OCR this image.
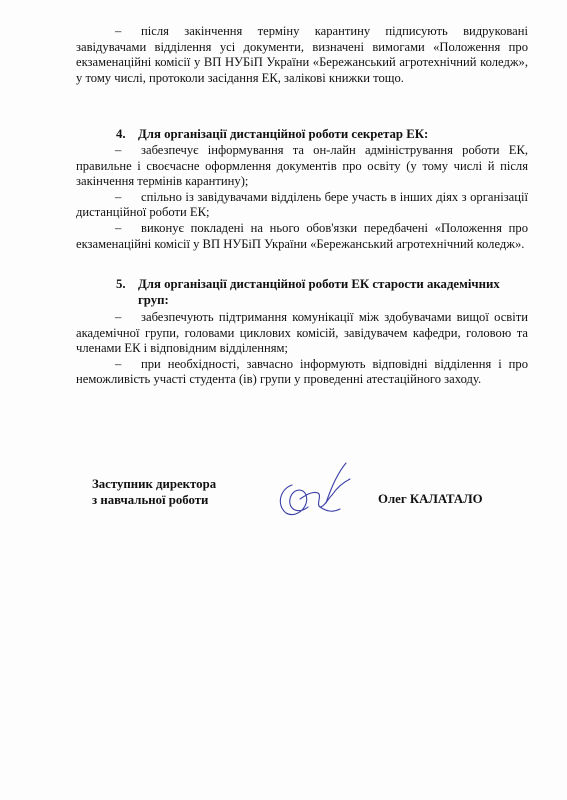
– після закінчення терміну карантину підписують видруковані завідувачами відділення усі документи, визначені вимогами «Положення про екзаменаційні комісії у ВП НУБіП України «Бережанський агротехнічний коледж», у тому числі, протоколи засідання ЕК, залікові книжки тощо.

4. Для організації дистанційної роботи секретар ЕК:

– забезпечує інформування та он-лайн адміністрування роботи ЕК, правильне і своєчасне оформлення документів про освіту (у тому числі й після закінчення термінів карантину);

– спільно із завідувачами відділень бере участь в інших діях з організації дистанційної роботи ЕК;

– виконує покладені на нього обов'язки передбачені «Положення про екзаменаційні комісії у ВП НУБіП України «Бережанський агротехнічний коледж».

5. Для організації дистанційної роботи ЕК старости академічних
груп:

– забезпечують підтримання комунікації між здобувачами вищої освіти академічної групи, головами циклових комісій, завідувачем кафедри, головою та членами ЕК і відповідним відділенням;

– при необхідності, завчасно інформують відповідні відділення і про неможливість участі студента (ів) групи у проведенні атестаційного заходу.

Заступник директора
з навчальної роботи	Олег КАЛАТАЛО
